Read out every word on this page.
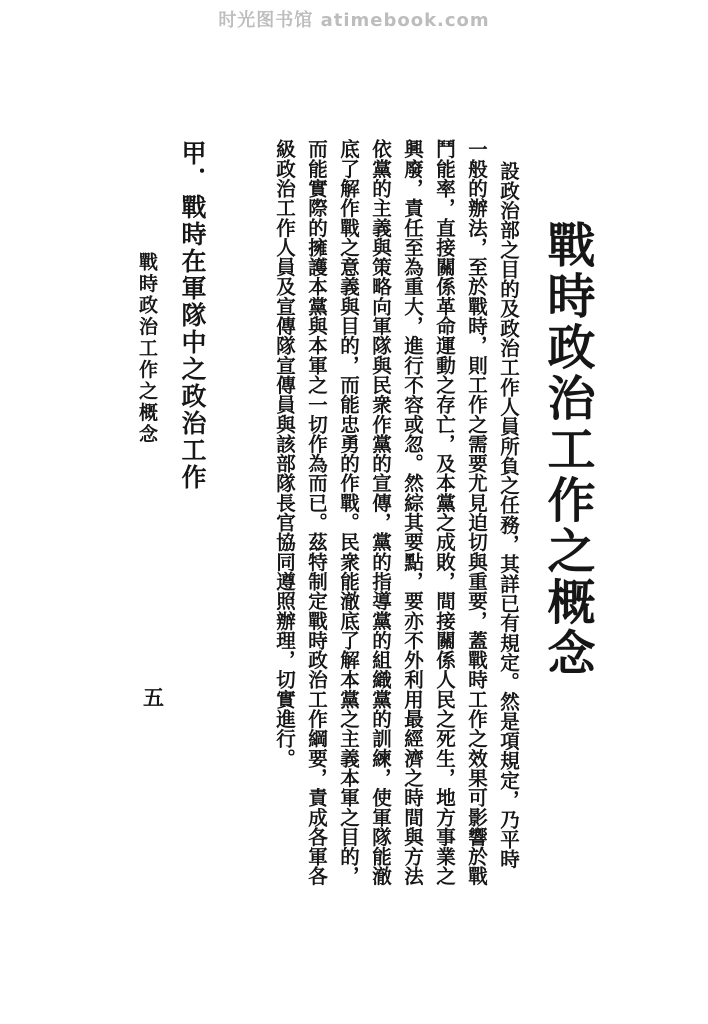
时光图书馆 atimebook.com
戰時政治工作之概念
設政治部之目的及政治工作人員所負之任務，其詳已有規定。然是項規定，乃平時
一般的辦法，至於戰時，則工作之需要尤見迫切與重要，蓋戰時工作之效果可影響於戰
鬥能率，直接關係革命運動之存亡，及本黨之成敗，間接關係人民之死生，地方事業之
興廢，責任至為重大，進行不容或忽。然綜其要點，要亦不外利用最經濟之時間與方法
依黨的主義與策略向軍隊與民衆作黨的宣傳，黨的指導黨的組織黨的訓練，使軍隊能澈
底了解作戰之意義與目的，而能忠勇的作戰。民衆能澈底了解本黨之主義本軍之目的，
而能實際的擁護本黨與本軍之一切作為而已。茲特制定戰時政治工作綱要，責成各軍各
級政治工作人員及宣傳隊宣傳員與該部隊長官協同遵照辦理，切實進行。
甲．戰時在軍隊中之政治工作
戰時政治工作之概念
五
